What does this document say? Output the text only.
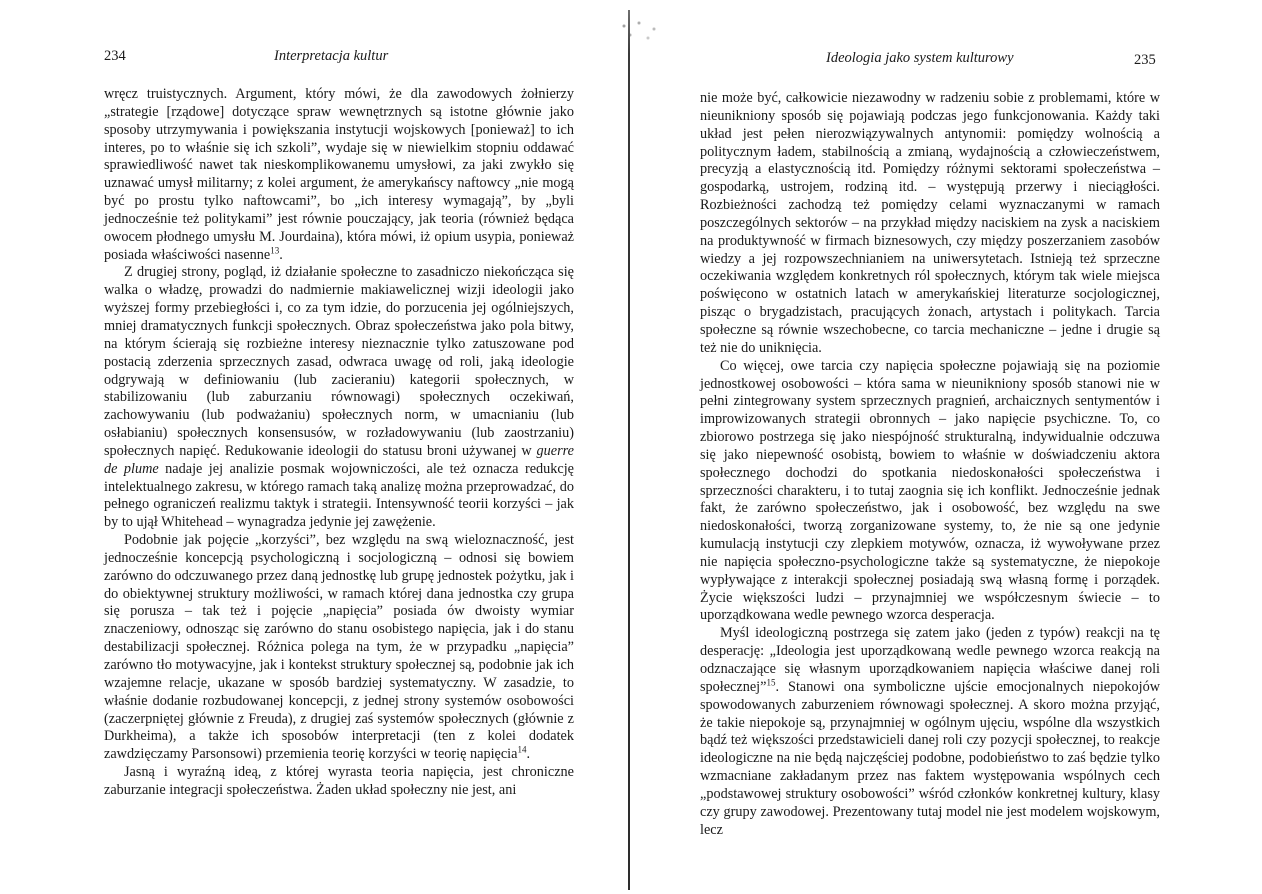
234	Interpretacja kultur

wręcz truistycznych. Argument, który mówi, że dla zawodowych żołnierzy „strategie [rządowe] dotyczące spraw wewnętrznych są istotne głównie jako sposoby utrzymywania i powiększania instytucji wojskowych [ponieważ] to ich interes, po to właśnie się ich szkoli”, wydaje się w niewielkim stopniu oddawać sprawiedliwość nawet tak nieskomplikowanemu umysłowi, za jaki zwykło się uznawać umysł militarny; z kolei argument, że amerykańscy naftowcy „nie mogą być po prostu tylko naftowcami”, bo „ich interesy wymagają”, by „byli jednocześnie też politykami” jest równie pouczający, jak teoria (również będąca owocem płodnego umysłu M. Jourdaina), która mówi, iż opium usypia, ponieważ posiada właściwości nasenne$^{13}$.

Z drugiej strony, pogląd, iż działanie społeczne to zasadniczo niekończąca się walka o władzę, prowadzi do nadmiernie makiawelicznej wizji ideologii jako wyższej formy przebiegłości i, co za tym idzie, do porzucenia jej ogólniejszych, mniej dramatycznych funkcji społecznych. Obraz społeczeństwa jako pola bitwy, na którym ścierają się rozbieżne interesy nieznacznie tylko zatuszowane pod postacią zderzenia sprzecznych zasad, odwraca uwagę od roli, jaką ideologie odgrywają w definiowaniu (lub zacieraniu) kategorii społecznych, w stabilizowaniu (lub zaburzaniu równowagi) społecznych oczekiwań, zachowywaniu (lub podważaniu) społecznych norm, w umacnianiu (lub osłabianiu) społecznych konsensusów, w rozładowywaniu (lub zaostrzaniu) społecznych napięć. Redukowanie ideologii do statusu broni używanej w guerre de plume nadaje jej analizie posmak wojowniczości, ale też oznacza redukcję intelektualnego zakresu, w którego ramach taką analizę można przeprowadzać, do pełnego ograniczeń realizmu taktyk i strategii. Intensywność teorii korzyści – jak by to ujął Whitehead – wynagradza jedynie jej zawężenie.

Podobnie jak pojęcie „korzyści”, bez względu na swą wieloznaczność, jest jednocześnie koncepcją psychologiczną i socjologiczną – odnosi się bowiem zarówno do odczuwanego przez daną jednostkę lub grupę jednostek pożytku, jak i do obiektywnej struktury możliwości, w ramach której dana jednostka czy grupa się porusza – tak też i pojęcie „napięcia” posiada ów dwoisty wymiar znaczeniowy, odnosząc się zarówno do stanu osobistego napięcia, jak i do stanu destabilizacji społecznej. Różnica polega na tym, że w przypadku „napięcia” zarówno tło motywacyjne, jak i kontekst struktury społecznej są, podobnie jak ich wzajemne relacje, ukazane w sposób bardziej systematyczny. W zasadzie, to właśnie dodanie rozbudowanej koncepcji, z jednej strony systemów osobowości (zaczerpniętej głównie z Freuda), z drugiej zaś systemów społecznych (głównie z Durkheima), a także ich sposobów interpretacji (ten z kolei dodatek zawdzięczamy Parsonsowi) przemienia teorię korzyści w teorię napięcia$^{14}$.

Jasną i wyraźną ideą, z której wyrasta teoria napięcia, jest chroniczne zaburzanie integracji społeczeństwa. Żaden układ społeczny nie jest, ani

Ideologia jako system kulturowy	235

nie może być, całkowicie niezawodny w radzeniu sobie z problemami, które w nieunikniony sposób się pojawiają podczas jego funkcjonowania. Każdy taki układ jest pełen nierozwiązywalnych antynomii: pomiędzy wolnością a politycznym ładem, stabilnością a zmianą, wydajnością a człowieczeństwem, precyzją a elastycznością itd. Pomiędzy różnymi sektorami społeczeństwa – gospodarką, ustrojem, rodziną itd. – występują przerwy i nieciągłości. Rozbieżności zachodzą też pomiędzy celami wyznaczanymi w ramach poszczególnych sektorów – na przykład między naciskiem na zysk a naciskiem na produktywność w firmach biznesowych, czy między poszerzaniem zasobów wiedzy a jej rozpowszechnianiem na uniwersytetach. Istnieją też sprzeczne oczekiwania względem konkretnych ról społecznych, którym tak wiele miejsca poświęcono w ostatnich latach w amerykańskiej literaturze socjologicznej, pisząc o brygadzistach, pracujących żonach, artystach i politykach. Tarcia społeczne są równie wszechobecne, co tarcia mechaniczne – jedne i drugie są też nie do uniknięcia.

Co więcej, owe tarcia czy napięcia społeczne pojawiają się na poziomie jednostkowej osobowości – która sama w nieunikniony sposób stanowi nie w pełni zintegrowany system sprzecznych pragnień, archaicznych sentymentów i improwizowanych strategii obronnych – jako napięcie psychiczne. To, co zbiorowo postrzega się jako niespójność strukturalną, indywidualnie odczuwa się jako niepewność osobistą, bowiem to właśnie w doświadczeniu aktora społecznego dochodzi do spotkania niedoskonałości społeczeństwa i sprzeczności charakteru, i to tutaj zaognia się ich konflikt. Jednocześnie jednak fakt, że zarówno społeczeństwo, jak i osobowość, bez względu na swe niedoskonałości, tworzą zorganizowane systemy, to, że nie są one jedynie kumulacją instytucji czy zlepkiem motywów, oznacza, iż wywoływane przez nie napięcia społeczno-psychologiczne także są systematyczne, że niepokoje wypływające z interakcji społecznej posiadają swą własną formę i porządek. Życie większości ludzi – przynajmniej we współczesnym świecie – to uporządkowana wedle pewnego wzorca desperacja.

Myśl ideologiczną postrzega się zatem jako (jeden z typów) reakcji na tę desperację: „Ideologia jest uporządkowaną wedle pewnego wzorca reakcją na odznaczające się własnym uporządkowaniem napięcia właściwe danej roli społecznej”$^{15}$. Stanowi ona symboliczne ujście emocjonalnych niepokojów spowodowanych zaburzeniem równowagi społecznej. A skoro można przyjąć, że takie niepokoje są, przynajmniej w ogólnym ujęciu, wspólne dla wszystkich bądź też większości przedstawicieli danej roli czy pozycji społecznej, to reakcje ideologiczne na nie będą najczęściej podobne, podobieństwo to zaś będzie tylko wzmacniane zakładanym przez nas faktem występowania wspólnych cech „podstawowej struktury osobowości” wśród członków konkretnej kultury, klasy czy grupy zawodowej. Prezentowany tutaj model nie jest modelem wojskowym, lecz
